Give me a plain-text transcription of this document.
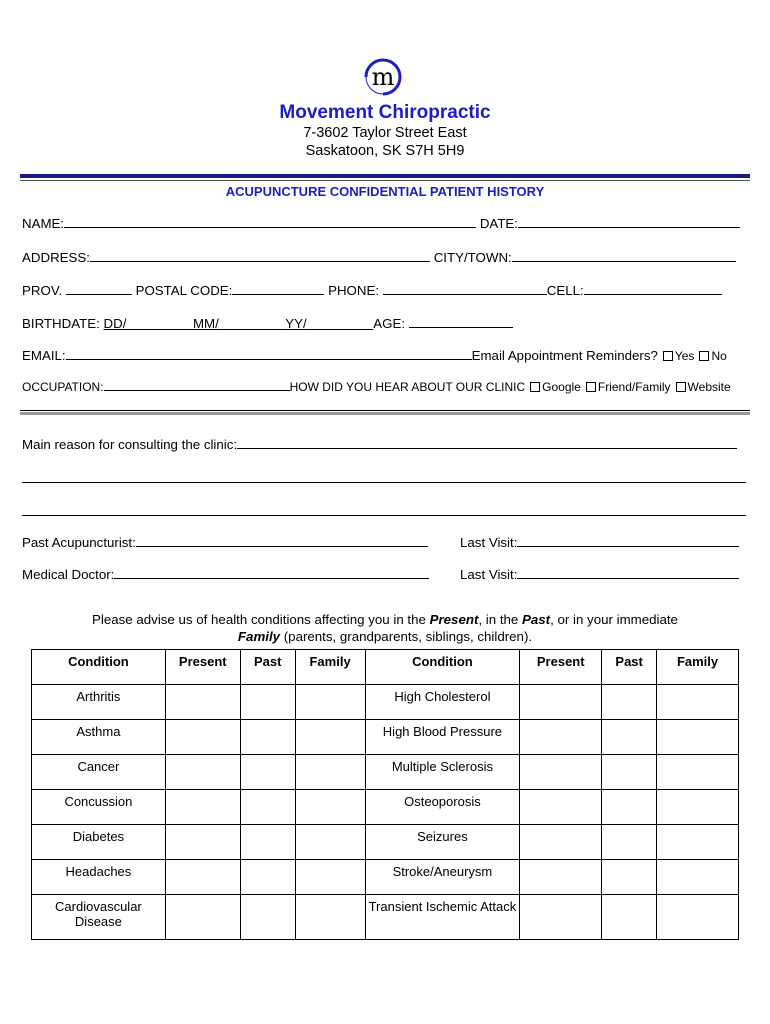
m
Movement Chiropractic
7-3602 Taylor Street East
Saskatoon, SK S7H 5H9
ACUPUNCTURE CONFIDENTIAL PATIENT HISTORY
NAME:	DATE:
ADDRESS:	CITY/TOWN:
PROV.	POSTAL CODE:	PHONE:	CELL:
BIRTHDATE: DD/	MM/	YY/	AGE:
EMAIL:	Email Appointment Reminders? Yes No
OCCUPATION:	HOW DID YOU HEAR ABOUT OUR CLINIC Google Friend/Family Website
Main reason for consulting the clinic:
Past Acupuncturist:	Last Visit:
Medical Doctor:	Last Visit:
Please advise us of health conditions affecting you in the Present, in the Past, or in your immediate
Family (parents, grandparents, siblings, children).
Condition	Present	Past	Family	Condition	Present	Past	Family
Arthritis				High Cholesterol			
Asthma				High Blood Pressure			
Cancer				Multiple Sclerosis			
Concussion				Osteoporosis			
Diabetes				Seizures			
Headaches				Stroke/Aneurysm			
Cardiovascular Disease				Transient Ischemic Attack			
